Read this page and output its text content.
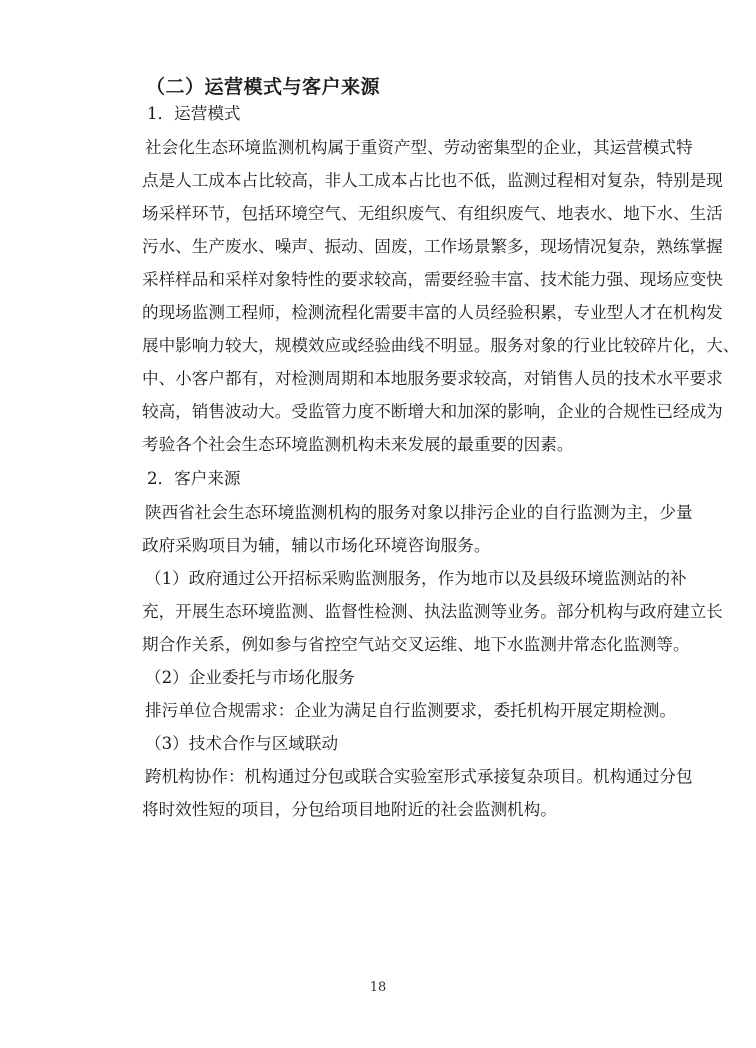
（二）运营模式与客户来源
1．运营模式
社会化生态环境监测机构属于重资产型、劳动密集型的企业，其运营模式特
点是人工成本占比较高，非人工成本占比也不低，监测过程相对复杂，特别是现
场采样环节，包括环境空气、无组织废气、有组织废气、地表水、地下水、生活
污水、生产废水、噪声、振动、固废，工作场景繁多，现场情况复杂，熟练掌握
采样样品和采样对象特性的要求较高，需要经验丰富、技术能力强、现场应变快
的现场监测工程师，检测流程化需要丰富的人员经验积累，专业型人才在机构发
展中影响力较大，规模效应或经验曲线不明显。服务对象的行业比较碎片化，大、
中、小客户都有，对检测周期和本地服务要求较高，对销售人员的技术水平要求
较高，销售波动大。受监管力度不断增大和加深的影响，企业的合规性已经成为
考验各个社会生态环境监测机构未来发展的最重要的因素。
2．客户来源
陕西省社会生态环境监测机构的服务对象以排污企业的自行监测为主，少量
政府采购项目为辅，辅以市场化环境咨询服务。
（1）政府通过公开招标采购监测服务，作为地市以及县级环境监测站的补
充，开展生态环境监测、监督性检测、执法监测等业务。部分机构与政府建立长
期合作关系，例如参与省控空气站交叉运维、地下水监测井常态化监测等。
（2）企业委托与市场化服务
排污单位合规需求：企业为满足自行监测要求，委托机构开展定期检测。
（3）技术合作与区域联动
跨机构协作：机构通过分包或联合实验室形式承接复杂项目。机构通过分包
将时效性短的项目，分包给项目地附近的社会监测机构。
18
